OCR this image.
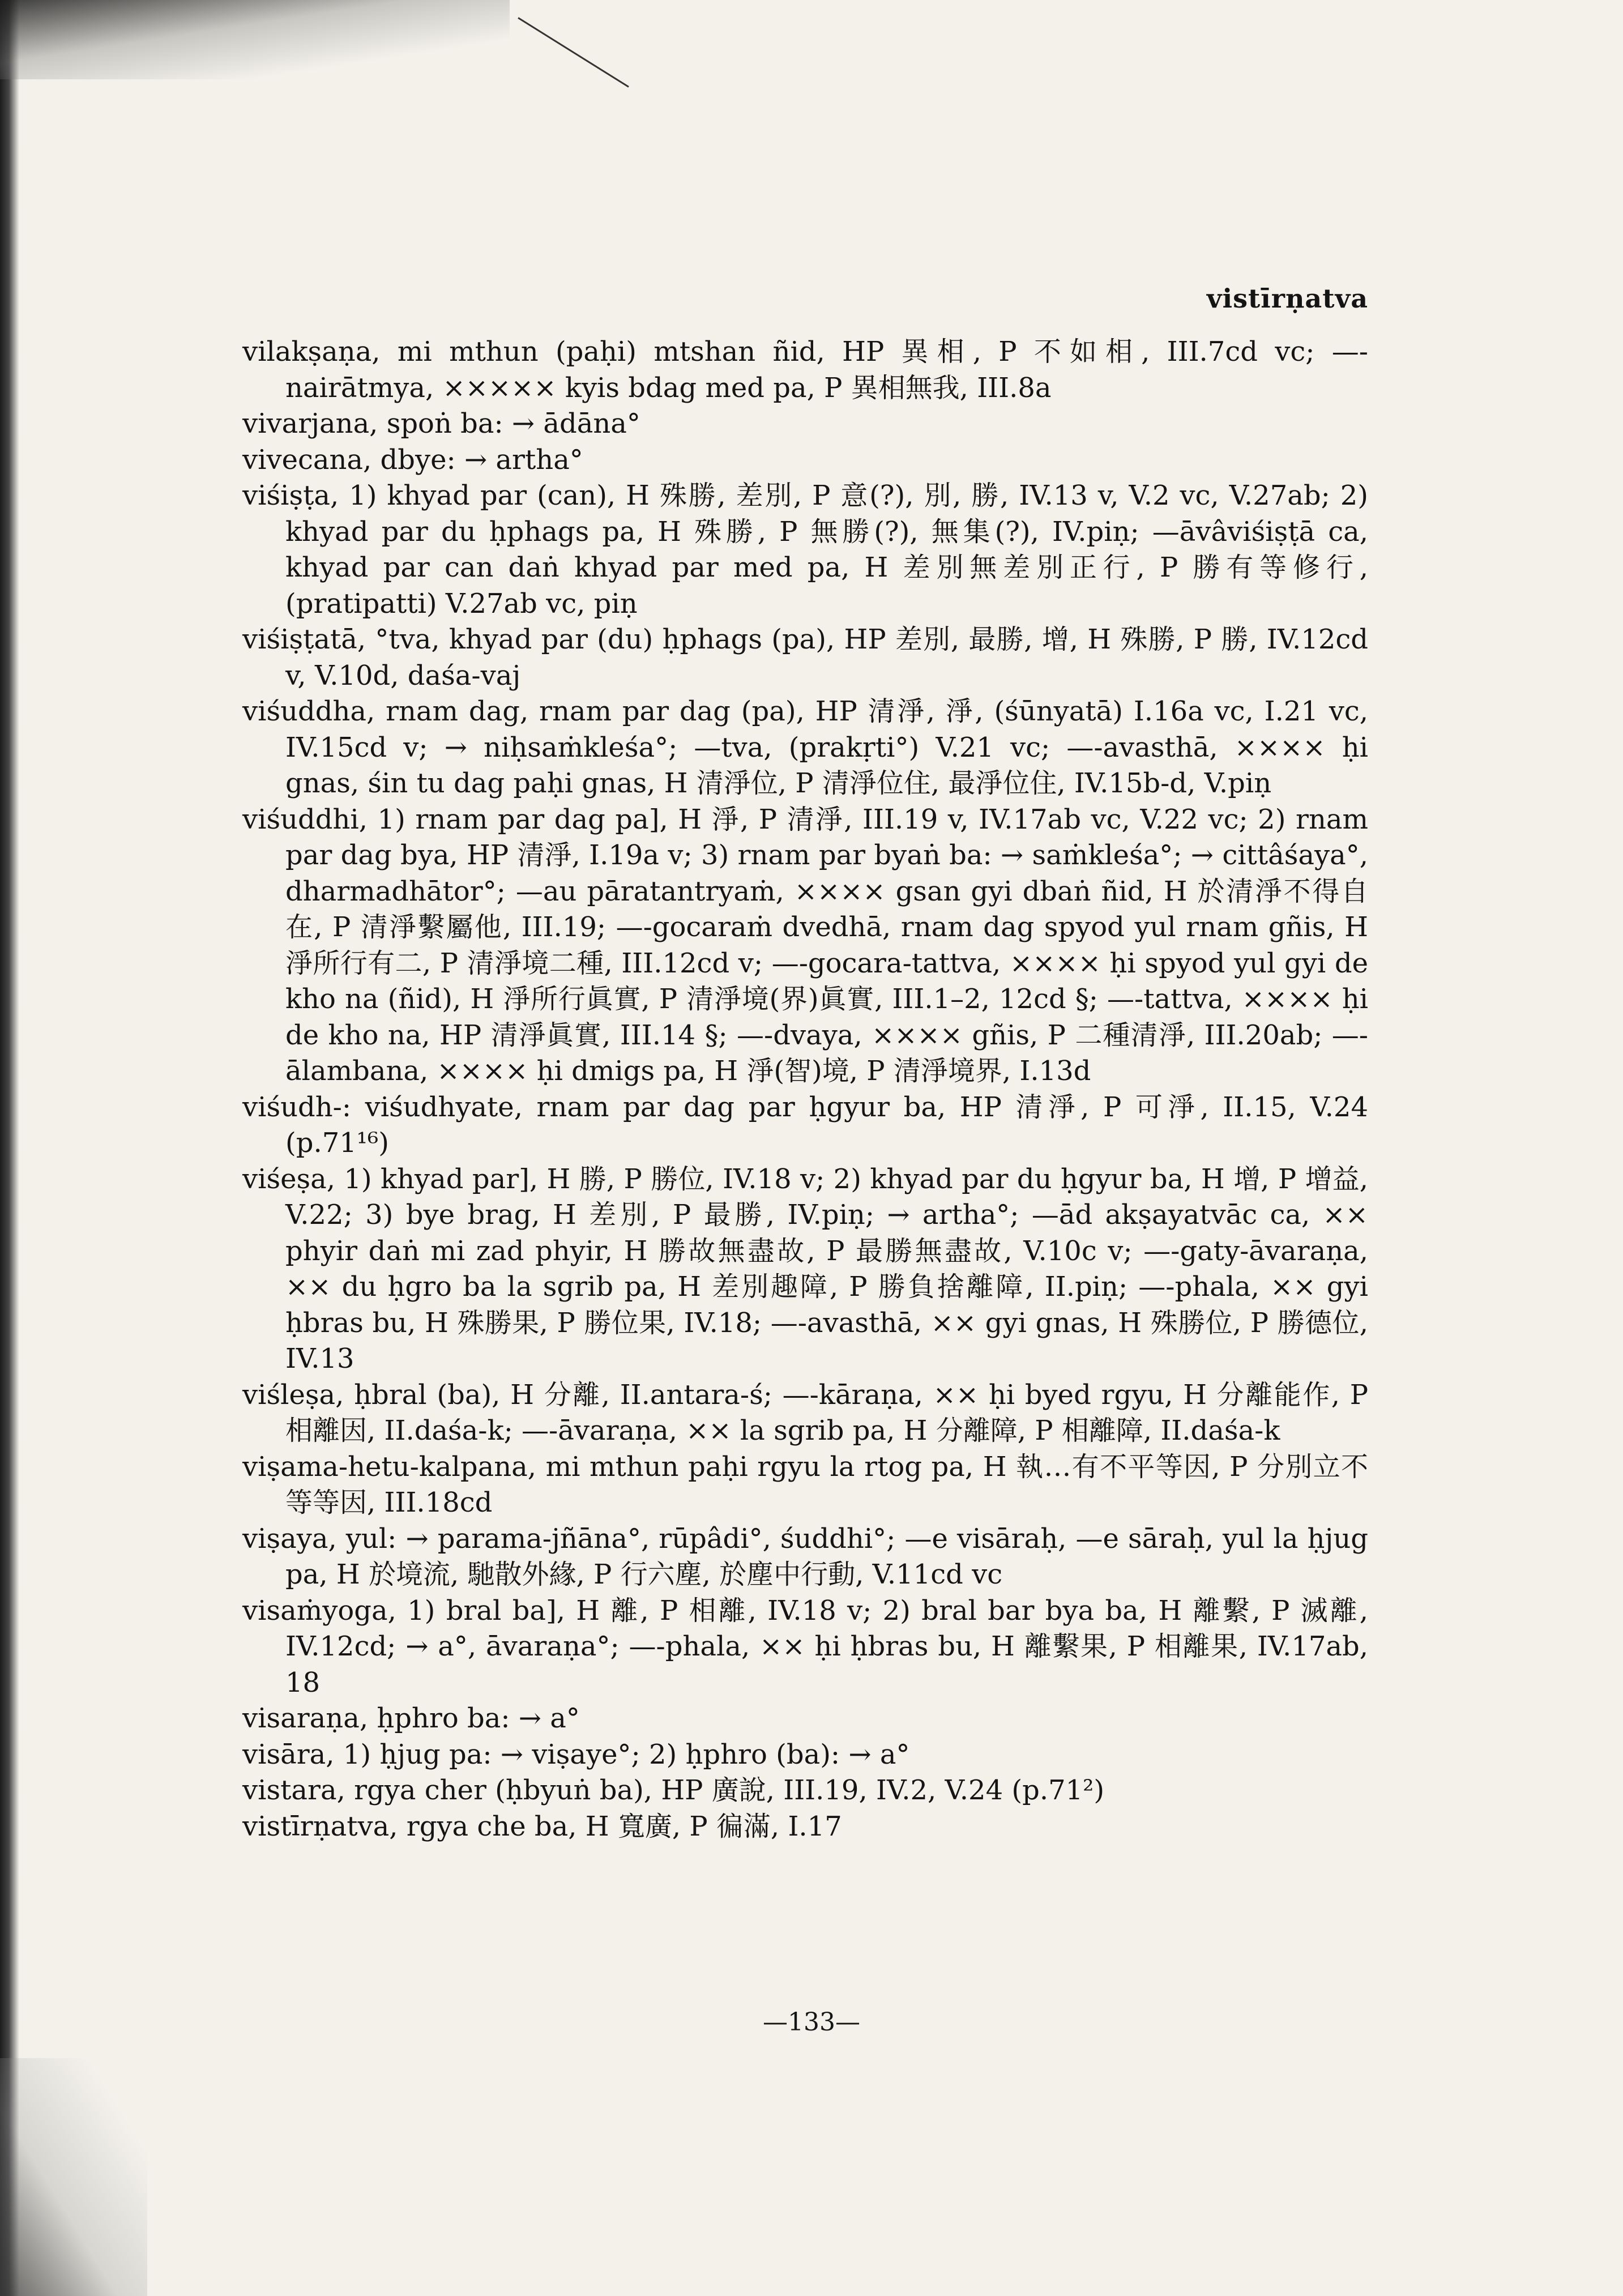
vistīrṇatva

vilakṣaṇa, mi mthun (paḥi) mtshan ñid, HP 異相, P 不如相, III.7cd vc; —-nairātmya, ××××× kyis bdag med pa, P 異相無我, III.8a

vivarjana, spoṅ ba: → ādāna°

vivecana, dbye: → artha°

viśiṣṭa, 1) khyad par (can), H 殊勝, 差別, P 意(?), 別, 勝, IV.13 v, V.2 vc, V.27ab; 2) khyad par du ḥphags pa, H 殊勝, P 無勝(?), 無集(?), IV.piṇ; —āvâviśiṣṭā ca, khyad par can daṅ khyad par med pa, H 差別無差別正行, P 勝有等修行, (pratipatti) V.27ab vc, piṇ

viśiṣṭatā, °tva, khyad par (du) ḥphags (pa), HP 差別, 最勝, 增, H 殊勝, P 勝, IV.12cd v, V.10d, daśa-vaj

viśuddha, rnam dag, rnam par dag (pa), HP 清淨, 淨, (śūnyatā) I.16a vc, I.21 vc, IV.15cd v; → niḥsaṁkleśa°; —tva, (prakṛti°) V.21 vc; —-avasthā, ×××× ḥi gnas, śin tu dag paḥi gnas, H 清淨位, P 清淨位住, 最淨位住, IV.15b-d, V.piṇ

viśuddhi, 1) rnam par dag pa], H 淨, P 清淨, III.19 v, IV.17ab vc, V.22 vc; 2) rnam par dag bya, HP 清淨, I.19a v; 3) rnam par byaṅ ba: → saṁkleśa°; → cittâśaya°, dharmadhātor°; —au pāratantryaṁ, ×××× gsan gyi dbaṅ ñid, H 於清淨不得自在, P 清淨繫屬他, III.19; —-gocaraṁ dvedhā, rnam dag spyod yul rnam gñis, H 淨所行有二, P 清淨境二種, III.12cd v; —-gocara-tattva, ×××× ḥi spyod yul gyi de kho na (ñid), H 淨所行眞實, P 清淨境(界)眞實, III.1–2, 12cd §; —-tattva, ×××× ḥi de kho na, HP 清淨眞實, III.14 §; —-dvaya, ×××× gñis, P 二種清淨, III.20ab; —-ālambana, ×××× ḥi dmigs pa, H 淨(智)境, P 清淨境界, I.13d

viśudh-: viśudhyate, rnam par dag par ḥgyur ba, HP 清淨, P 可淨, II.15, V.24 (p.71¹⁶)

viśeṣa, 1) khyad par], H 勝, P 勝位, IV.18 v; 2) khyad par du ḥgyur ba, H 增, P 增益, V.22; 3) bye brag, H 差別, P 最勝, IV.piṇ; → artha°; —ād akṣayatvāc ca, ×× phyir daṅ mi zad phyir, H 勝故無盡故, P 最勝無盡故, V.10c v; —-gaty-āvaraṇa, ×× du ḥgro ba la sgrib pa, H 差別趣障, P 勝負捨離障, II.piṇ; —-phala, ×× gyi ḥbras bu, H 殊勝果, P 勝位果, IV.18; —-avasthā, ×× gyi gnas, H 殊勝位, P 勝德位, IV.13

viśleṣa, ḥbral (ba), H 分離, II.antara-ś; —-kāraṇa, ×× ḥi byed rgyu, H 分離能作, P 相離因, II.daśa-k; —-āvaraṇa, ×× la sgrib pa, H 分離障, P 相離障, II.daśa-k

viṣama-hetu-kalpana, mi mthun paḥi rgyu la rtog pa, H 執…有不平等因, P 分別立不等等因, III.18cd

viṣaya, yul: → parama-jñāna°, rūpâdi°, śuddhi°; —e visāraḥ, —e sāraḥ, yul la ḥjug pa, H 於境流, 馳散外緣, P 行六塵, 於塵中行動, V.11cd vc

visaṁyoga, 1) bral ba], H 離, P 相離, IV.18 v; 2) bral bar bya ba, H 離繫, P 滅離, IV.12cd; → a°, āvaraṇa°; —-phala, ×× ḥi ḥbras bu, H 離繫果, P 相離果, IV.17ab, 18

visaraṇa, ḥphro ba: → a°

visāra, 1) ḥjug pa: → viṣaye°; 2) ḥphro (ba): → a°

vistara, rgya cher (ḥbyuṅ ba), HP 廣說, III.19, IV.2, V.24 (p.71²)

vistīrṇatva, rgya che ba, H 寬廣, P 徧滿, I.17

—133—
